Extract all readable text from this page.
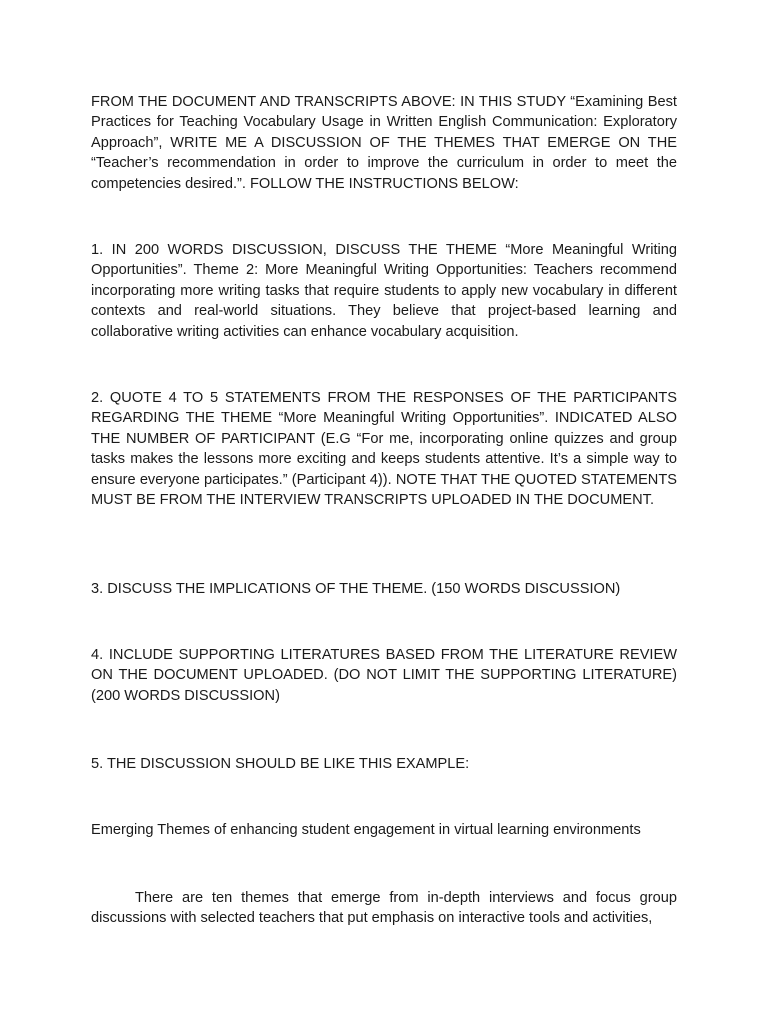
FROM THE DOCUMENT AND TRANSCRIPTS ABOVE: IN THIS STUDY “Examining Best Practices for Teaching Vocabulary Usage in Written English Communication: Exploratory Approach”, WRITE ME A DISCUSSION OF THE THEMES THAT EMERGE ON THE “Teacher’s recommendation in order to improve the curriculum in order to meet the competencies desired.”. FOLLOW THE INSTRUCTIONS BELOW:

1. IN 200 WORDS DISCUSSION, DISCUSS THE THEME “More Meaningful Writing Opportunities”. Theme 2: More Meaningful Writing Opportunities: Teachers recommend incorporating more writing tasks that require students to apply new vocabulary in different contexts and real-world situations. They believe that project-based learning and collaborative writing activities can enhance vocabulary acquisition.

2. QUOTE 4 TO 5 STATEMENTS FROM THE RESPONSES OF THE PARTICIPANTS REGARDING THE THEME “More Meaningful Writing Opportunities”. INDICATED ALSO THE NUMBER OF PARTICIPANT (E.G “For me, incorporating online quizzes and group tasks makes the lessons more exciting and keeps students attentive. It’s a simple way to ensure everyone participates.” (Participant 4)). NOTE THAT THE QUOTED STATEMENTS MUST BE FROM THE INTERVIEW TRANSCRIPTS UPLOADED IN THE DOCUMENT.

3. DISCUSS THE IMPLICATIONS OF THE THEME. (150 WORDS DISCUSSION)

4. INCLUDE SUPPORTING LITERATURES BASED FROM THE LITERATURE REVIEW ON THE DOCUMENT UPLOADED. (DO NOT LIMIT THE SUPPORTING LITERATURE) (200 WORDS DISCUSSION)

5. THE DISCUSSION SHOULD BE LIKE THIS EXAMPLE:

Emerging Themes of enhancing student engagement in virtual learning environments

There are ten themes that emerge from in-depth interviews and focus group discussions with selected teachers that put emphasis on interactive tools and activities,
